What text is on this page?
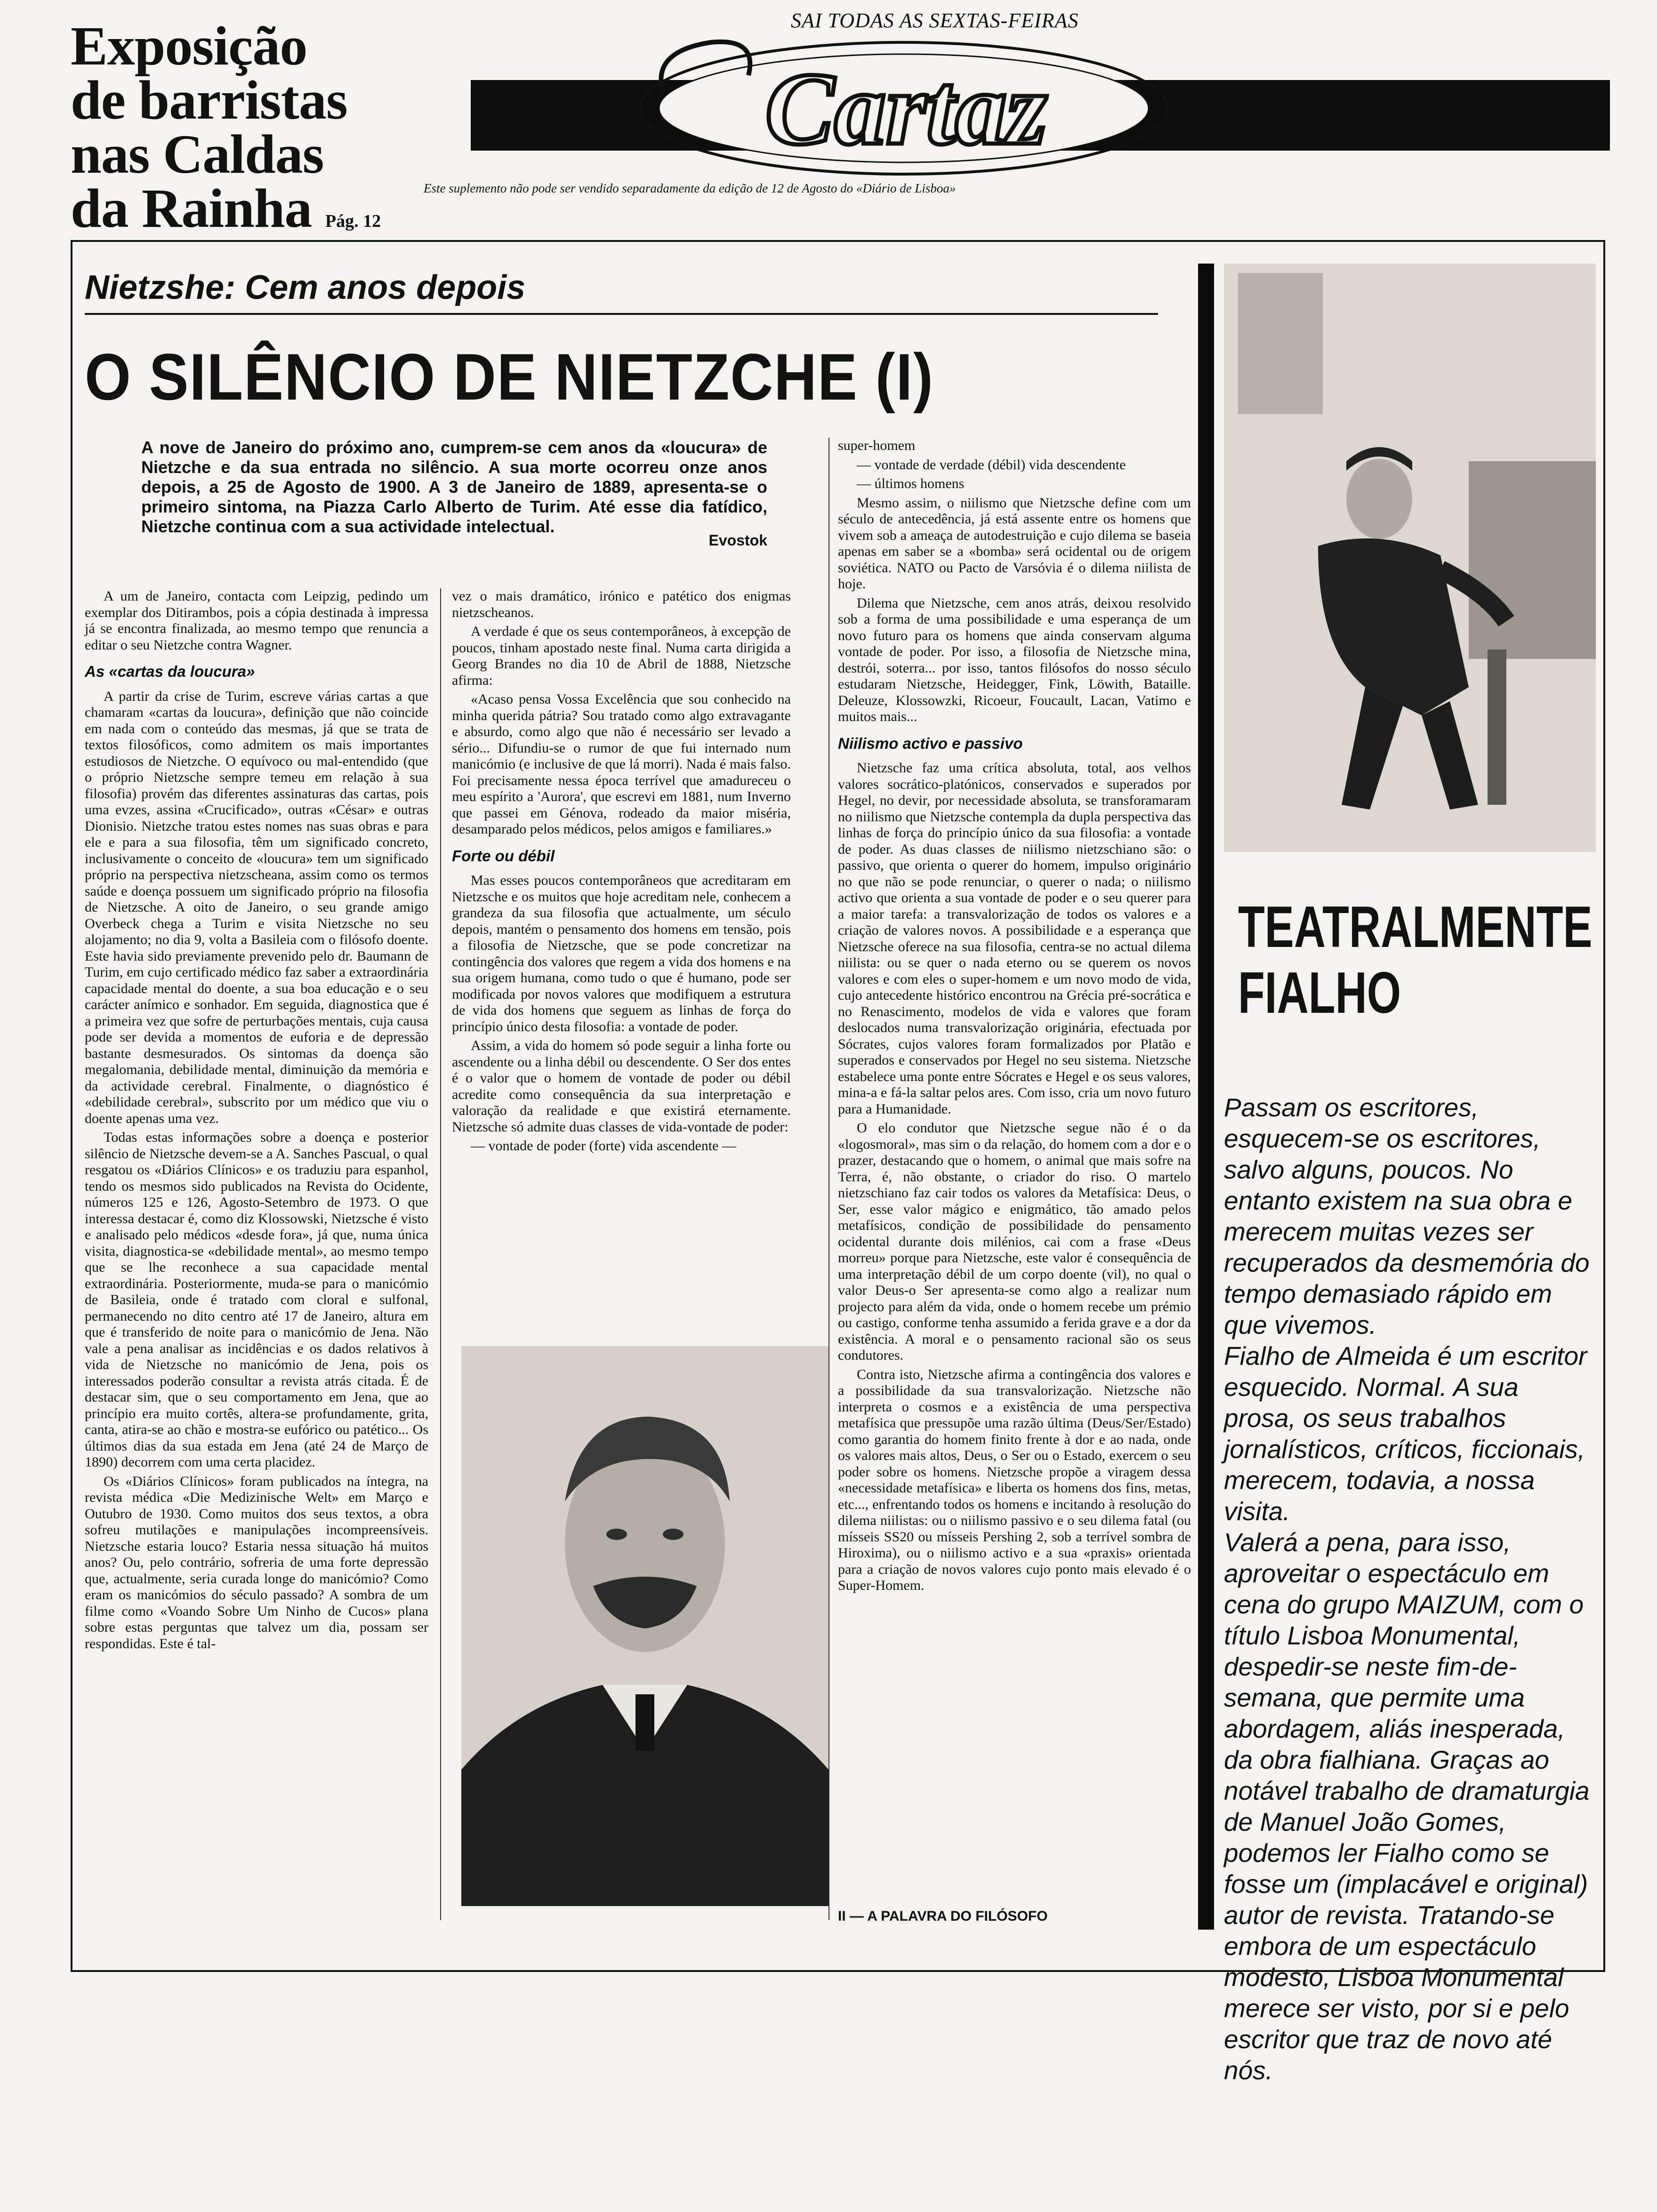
Exposição
de barristas
nas Caldas
da Rainha Pág. 12
SAI TODAS AS SEXTAS-FEIRAS
Cartaz
Este suplemento não pode ser vendido separadamente da edição de 12 de Agosto do «Diário de Lisboa»
Nietzshe: Cem anos depois
O SILÊNCIO DE NIETZCHE (I)
A nove de Janeiro do próximo ano, cumprem-se cem anos da «loucura» de Nietzche e da sua entrada no silêncio. A sua morte ocorreu onze anos depois, a 25 de Agosto de 1900. A 3 de Janeiro de 1889, apresenta-se o primeiro sintoma, na Piazza Carlo Alberto de Turim. Até esse dia fatídico, Nietzche continua com a sua actividade intelectual.
Evostok

A um de Janeiro, contacta com Leipzig, pedindo um exemplar dos Ditirambos, pois a cópia destinada à impressa já se encontra finalizada, ao mesmo tempo que renuncia a editar o seu Nietzche contra Wagner.

As «cartas da loucura»

A partir da crise de Turim, escreve várias cartas a que chamaram «cartas da loucura», definição que não coincide em nada com o conteúdo das mesmas, já que se trata de textos filosóficos, como admitem os mais importantes estudiosos de Nietzche. O equívoco ou mal-entendido (que o próprio Nietzsche sempre temeu em relação à sua filosofia) provém das diferentes assinaturas das cartas, pois uma evzes, assina «Crucificado», outras «César» e outras Dionisio. Nietzche tratou estes nomes nas suas obras e para ele e para a sua filosofia, têm um significado concreto, inclusivamente o conceito de «loucura» tem um significado próprio na perspectiva nietzscheana, assim como os termos saúde e doença possuem um significado próprio na filosofia de Nietzsche. A oito de Janeiro, o seu grande amigo Overbeck chega a Turim e visita Nietzsche no seu alojamento; no dia 9, volta a Basileia com o filósofo doente. Este havia sido previamente prevenido pelo dr. Baumann de Turim, em cujo certificado médico faz saber a extraordinária capacidade mental do doente, a sua boa educação e o seu carácter anímico e sonhador. Em seguida, diagnostica que é a primeira vez que sofre de perturbações mentais, cuja causa pode ser devida a momentos de euforia e de depressão bastante desmesurados. Os sintomas da doença são megalomania, debilidade mental, diminuição da memória e da actividade cerebral. Finalmente, o diagnóstico é «debilidade cerebral», subscrito por um médico que viu o doente apenas uma vez.

Todas estas informações sobre a doença e posterior silêncio de Nietzsche devem-se a A. Sanches Pascual, o qual resgatou os «Diários Clínicos» e os traduziu para espanhol, tendo os mesmos sido publicados na Revista do Ocidente, números 125 e 126, Agosto-Setembro de 1973. O que interessa destacar é, como diz Klossowski, Nietzsche é visto e analisado pelo médicos «desde fora», já que, numa única visita, diagnostica-se «debilidade mental», ao mesmo tempo que se lhe reconhece a sua capacidade mental extraordinária. Posteriormente, muda-se para o manicómio de Basileia, onde é tratado com cloral e sulfonal, permanecendo no dito centro até 17 de Janeiro, altura em que é transferido de noite para o manicómio de Jena. Não vale a pena analisar as incidências e os dados relativos à vida de Nietzsche no manicómio de Jena, pois os interessados poderão consultar a revista atrás citada. É de destacar sim, que o seu comportamento em Jena, que ao princípio era muito cortês, altera-se profundamente, grita, canta, atira-se ao chão e mostra-se eufórico ou patético... Os últimos dias da sua estada em Jena (até 24 de Março de 1890) decorrem com uma certa placidez.

Os «Diários Clínicos» foram publicados na íntegra, na revista médica «Die Medizinische Welt» em Março e Outubro de 1930. Como muitos dos seus textos, a obra sofreu mutilações e manipulações incompreensíveis. Nietzsche estaria louco? Estaria nessa situação há muitos anos? Ou, pelo contrário, sofreria de uma forte depressão que, actualmente, seria curada longe do manicómio? Como eram os manicómios do século passado? A sombra de um filme como «Voando Sobre Um Ninho de Cucos» plana sobre estas perguntas que talvez um dia, possam ser respondidas. Este é tal-

vez o mais dramático, irónico e patético dos enigmas nietzscheanos.

A verdade é que os seus contemporâneos, à excepção de poucos, tinham apostado neste final. Numa carta dirigida a Georg Brandes no dia 10 de Abril de 1888, Nietzsche afirma:

«Acaso pensa Vossa Excelência que sou conhecido na minha querida pátria? Sou tratado como algo extravagante e absurdo, como algo que não é necessário ser levado a sério... Difundiu-se o rumor de que fui internado num manicómio (e inclusive de que lá morri). Nada é mais falso. Foi precisamente nessa época terrível que amadureceu o meu espírito a 'Aurora', que escrevi em 1881, num Inverno que passei em Génova, rodeado da maior miséria, desamparado pelos médicos, pelos amigos e familiares.»

Forte ou débil

Mas esses poucos contemporâneos que acreditaram em Nietzsche e os muitos que hoje acreditam nele, conhecem a grandeza da sua filosofia que actualmente, um século depois, mantém o pensamento dos homens em tensão, pois a filosofia de Nietzsche, que se pode concretizar na contingência dos valores que regem a vida dos homens e na sua origem humana, como tudo o que é humano, pode ser modificada por novos valores que modifiquem a estrutura de vida dos homens que seguem as linhas de força do princípio único desta filosofia: a vontade de poder.

Assim, a vida do homem só pode seguir a linha forte ou ascendente ou a linha débil ou descendente. O Ser dos entes é o valor que o homem de vontade de poder ou débil acredite como consequência da sua interpretação e valoração da realidade e que existirá eternamente. Nietzsche só admite duas classes de vida-vontade de poder:

— vontade de poder (forte) vida ascendente —

super-homem

— vontade de verdade (débil) vida descendente

— últimos homens

Mesmo assim, o niilismo que Nietzsche define com um século de antecedência, já está assente entre os homens que vivem sob a ameaça de autodestruição e cujo dilema se baseia apenas em saber se a «bomba» será ocidental ou de origem soviética. NATO ou Pacto de Varsóvia é o dilema niilista de hoje.

Dilema que Nietzsche, cem anos atrás, deixou resolvido sob a forma de uma possibilidade e uma esperança de um novo futuro para os homens que ainda conservam alguma vontade de poder. Por isso, a filosofia de Nietzsche mina, destrói, soterra... por isso, tantos filósofos do nosso século estudaram Nietzsche, Heidegger, Fink, Löwith, Bataille. Deleuze, Klossowzki, Ricoeur, Foucault, Lacan, Vatimo e muitos mais...

Niilismo activo e passivo

Nietzsche faz uma crítica absoluta, total, aos velhos valores socrático-platónicos, conservados e superados por Hegel, no devir, por necessidade absoluta, se transforamaram no niilismo que Nietzsche contempla da dupla perspectiva das linhas de força do princípio único da sua filosofia: a vontade de poder. As duas classes de niilismo nietzschiano são: o passivo, que orienta o querer do homem, impulso originário no que não se pode renunciar, o querer o nada; o niilismo activo que orienta a sua vontade de poder e o seu querer para a maior tarefa: a transvalorização de todos os valores e a criação de valores novos. A possibilidade e a esperança que Nietzsche oferece na sua filosofia, centra-se no actual dilema niilista: ou se quer o nada eterno ou se querem os novos valores e com eles o super-homem e um novo modo de vida, cujo antecedente histórico encontrou na Grécia pré-socrática e no Renascimento, modelos de vida e valores que foram deslocados numa transvalorização originária, efectuada por Sócrates, cujos valores foram formalizados por Platão e superados e conservados por Hegel no seu sistema. Nietzsche estabelece uma ponte entre Sócrates e Hegel e os seus valores, mina-a e fá-la saltar pelos ares. Com isso, cria um novo futuro para a Humanidade.

O elo condutor que Nietzsche segue não é o da «logosmoral», mas sim o da relação, do homem com a dor e o prazer, destacando que o homem, o animal que mais sofre na Terra, é, não obstante, o criador do riso. O martelo nietzschiano faz cair todos os valores da Metafísica: Deus, o Ser, esse valor mágico e enigmático, tão amado pelos metafísicos, condição de possibilidade do pensamento ocidental durante dois milénios, cai com a frase «Deus morreu» porque para Nietzsche, este valor é consequência de uma interpretação débil de um corpo doente (vil), no qual o valor Deus-o Ser apresenta-se como algo a realizar num projecto para além da vida, onde o homem recebe um prémio ou castigo, conforme tenha assumido a ferida grave e a dor da existência. A moral e o pensamento racional são os seus condutores.

Contra isto, Nietzsche afirma a contingência dos valores e a possibilidade da sua transvalorização. Nietzsche não interpreta o cosmos e a existência de uma perspectiva metafísica que pressupõe uma razão última (Deus/Ser/Estado) como garantia do homem finito frente à dor e ao nada, onde os valores mais altos, Deus, o Ser ou o Estado, exercem o seu poder sobre os homens. Nietzsche propõe a viragem dessa «necessidade metafísica» e liberta os homens dos fins, metas, etc..., enfrentando todos os homens e incitando à resolução do dilema niilistas: ou o niilismo passivo e o seu dilema fatal (ou mísseis SS20 ou mísseis Pershing 2, sob a terrível sombra de Hiroxima), ou o niilismo activo e a sua «praxis» orientada para a criação de novos valores cujo ponto mais elevado é o Super-Homem.

II — A PALAVRA DO FILÓSOFO
TEATRALMENTE
FIALHO

Passam os escritores, esquecem-se os escritores, salvo alguns, poucos. No entanto existem na sua obra e merecem muitas vezes ser recuperados da desmemória do tempo demasiado rápido em que vivemos.

Fialho de Almeida é um escritor esquecido. Normal. A sua prosa, os seus trabalhos jornalísticos, críticos, ficcionais, merecem, todavia, a nossa visita.

Valerá a pena, para isso, aproveitar o espectáculo em cena do grupo MAIZUM, com o título Lisboa Monumental, despedir-se neste fim-de-semana, que permite uma abordagem, aliás inesperada, da obra fialhiana. Graças ao notável trabalho de dramaturgia de Manuel João Gomes, podemos ler Fialho como se fosse um (implacável e original) autor de revista. Tratando-se embora de um espectáculo modesto, Lisboa Monumental merece ser visto, por si e pelo escritor que traz de novo até nós.
